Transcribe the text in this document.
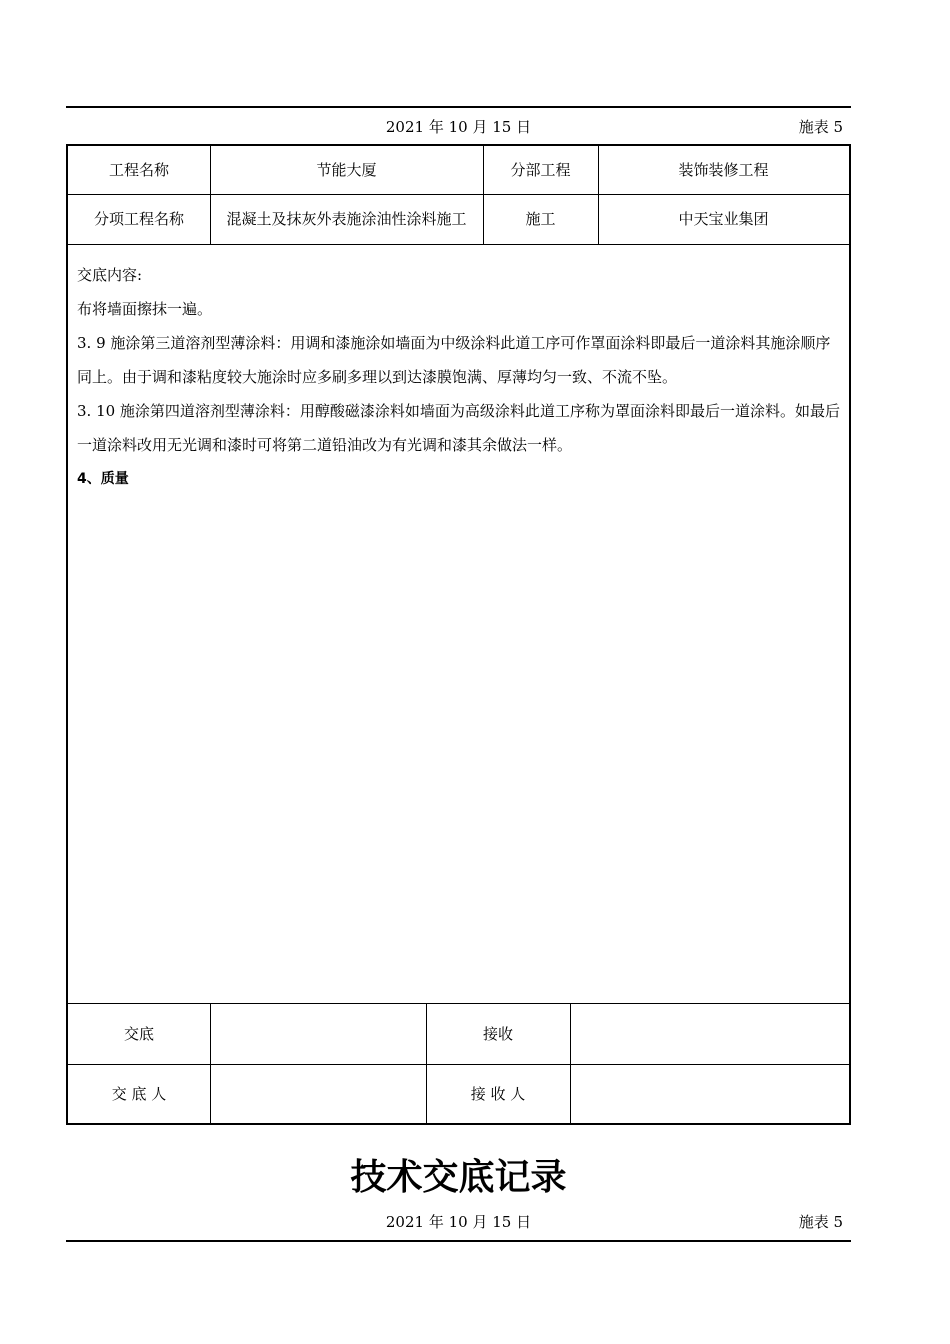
2021 年 10 月 15 日	施表 5
工程名称	节能大厦	分部工程	装饰装修工程
分项工程名称	混凝土及抹灰外表施涂油性涂料施工	施工	中天宝业集团

交底内容:

布将墙面擦抹一遍。

3. 9 施涂第三道溶剂型薄涂料：用调和漆施涂如墙面为中级涂料此道工序可作罩面涂料即最后一道涂料其施涂顺序同上。由于调和漆粘度较大施涂时应多刷多理以到达漆膜饱满、厚薄均匀一致、不流不坠。

3. 10 施涂第四道溶剂型薄涂料：用醇酸磁漆涂料如墙面为高级涂料此道工序称为罩面涂料即最后一道涂料。如最后一道涂料改用无光调和漆时可将第二道铅油改为有光调和漆其余做法一样。

4、质量

交底	接收
交 底 人	接 收 人
技术交底记录
2021 年 10 月 15 日	施表 5
